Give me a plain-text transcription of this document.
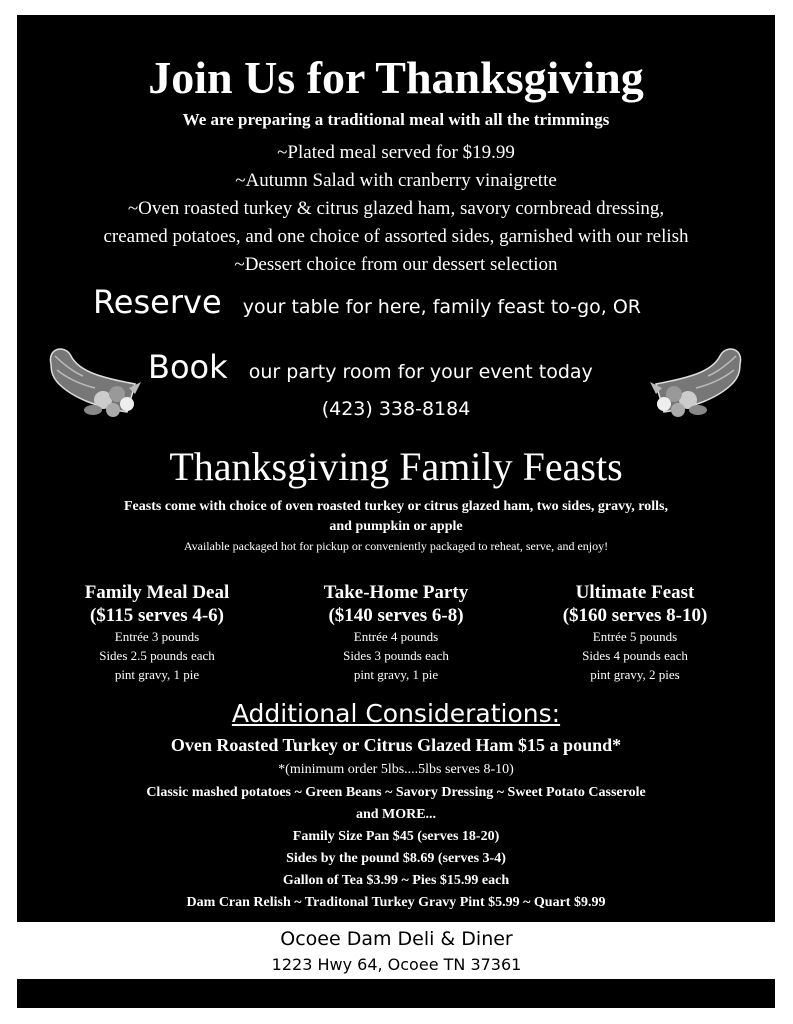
Join Us for Thanksgiving
We are preparing a traditional meal with all the trimmings
~Plated meal served for $19.99
~Autumn Salad with cranberry vinaigrette
~Oven roasted turkey & citrus glazed ham, savory cornbread dressing,
creamed potatoes, and one choice of assorted sides, garnished with our relish
~Dessert choice from our dessert selection
Reserve your table for here, family feast to-go, OR
Book our party room for your event today
(423) 338-8184
Thanksgiving Family Feasts
Feasts come with choice of oven roasted turkey or citrus glazed ham, two sides, gravy, rolls,
and pumpkin or apple
Available packaged hot for pickup or conveniently packaged to reheat, serve, and enjoy!
Family Meal Deal
($115 serves 4-6)
Entrée 3 pounds
Sides 2.5 pounds each
pint gravy, 1 pie
Take-Home Party
($140 serves 6-8)
Entrée 4 pounds
Sides 3 pounds each
pint gravy, 1 pie
Ultimate Feast
($160 serves 8-10)
Entrée 5 pounds
Sides 4 pounds each
pint gravy, 2 pies
Additional Considerations:
Oven Roasted Turkey or Citrus Glazed Ham $15 a pound*
*(minimum order 5lbs....5lbs serves 8-10)
Classic mashed potatoes ~ Green Beans ~ Savory Dressing ~ Sweet Potato Casserole
and MORE...
Family Size Pan $45 (serves 18-20)
Sides by the pound $8.69 (serves 3-4)
Gallon of Tea $3.99 ~ Pies $15.99 each
Dam Cran Relish ~ Traditonal Turkey Gravy Pint $5.99 ~ Quart $9.99
Ocoee Dam Deli & Diner
1223 Hwy 64, Ocoee TN 37361
